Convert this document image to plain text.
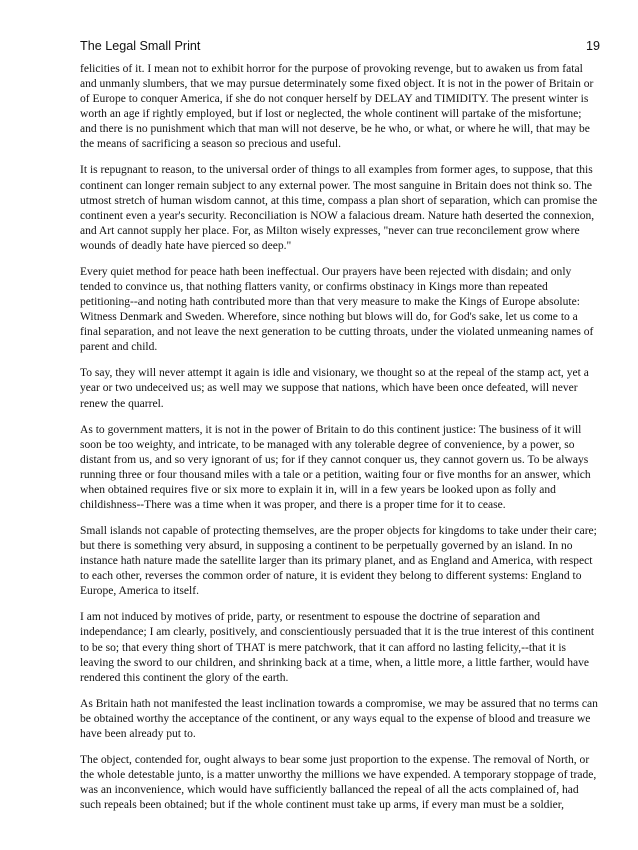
The Legal Small Print	19

felicities of it. I mean not to exhibit horror for the purpose of provoking revenge, but to awaken us from fatal and unmanly slumbers, that we may pursue determinately some fixed object. It is not in the power of Britain or of Europe to conquer America, if she do not conquer herself by DELAY and TIMIDITY. The present winter is worth an age if rightly employed, but if lost or neglected, the whole continent will partake of the misfortune; and there is no punishment which that man will not deserve, be he who, or what, or where he will, that may be the means of sacrificing a season so precious and useful.

It is repugnant to reason, to the universal order of things to all examples from former ages, to suppose, that this continent can longer remain subject to any external power. The most sanguine in Britain does not think so. The utmost stretch of human wisdom cannot, at this time, compass a plan short of separation, which can promise the continent even a year's security. Reconciliation is NOW a falacious dream. Nature hath deserted the connexion, and Art cannot supply her place. For, as Milton wisely expresses, "never can true reconcilement grow where wounds of deadly hate have pierced so deep."

Every quiet method for peace hath been ineffectual. Our prayers have been rejected with disdain; and only tended to convince us, that nothing flatters vanity, or confirms obstinacy in Kings more than repeated petitioning--and noting hath contributed more than that very measure to make the Kings of Europe absolute: Witness Denmark and Sweden. Wherefore, since nothing but blows will do, for God's sake, let us come to a final separation, and not leave the next generation to be cutting throats, under the violated unmeaning names of parent and child.

To say, they will never attempt it again is idle and visionary, we thought so at the repeal of the stamp act, yet a year or two undeceived us; as well may we suppose that nations, which have been once defeated, will never renew the quarrel.

As to government matters, it is not in the power of Britain to do this continent justice: The business of it will soon be too weighty, and intricate, to be managed with any tolerable degree of convenience, by a power, so distant from us, and so very ignorant of us; for if they cannot conquer us, they cannot govern us. To be always running three or four thousand miles with a tale or a petition, waiting four or five months for an answer, which when obtained requires five or six more to explain it in, will in a few years be looked upon as folly and childishness--There was a time when it was proper, and there is a proper time for it to cease.

Small islands not capable of protecting themselves, are the proper objects for kingdoms to take under their care; but there is something very absurd, in supposing a continent to be perpetually governed by an island. In no instance hath nature made the satellite larger than its primary planet, and as England and America, with respect to each other, reverses the common order of nature, it is evident they belong to different systems: England to Europe, America to itself.

I am not induced by motives of pride, party, or resentment to espouse the doctrine of separation and independance; I am clearly, positively, and conscientiously persuaded that it is the true interest of this continent to be so; that every thing short of THAT is mere patchwork, that it can afford no lasting felicity,--that it is leaving the sword to our children, and shrinking back at a time, when, a little more, a little farther, would have rendered this continent the glory of the earth.

As Britain hath not manifested the least inclination towards a compromise, we may be assured that no terms can be obtained worthy the acceptance of the continent, or any ways equal to the expense of blood and treasure we have been already put to.

The object, contended for, ought always to bear some just proportion to the expense. The removal of North, or the whole detestable junto, is a matter unworthy the millions we have expended. A temporary stoppage of trade, was an inconvenience, which would have sufficiently ballanced the repeal of all the acts complained of, had such repeals been obtained; but if the whole continent must take up arms, if every man must be a soldier,
